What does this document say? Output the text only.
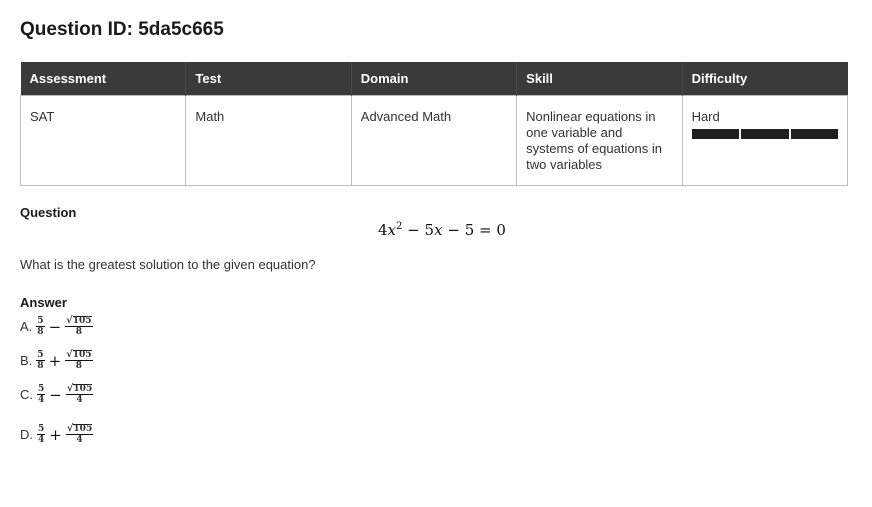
Question ID: 5da5c665
Assessment	Test	Domain	Skill	Difficulty
SAT	Math	Advanced Math	Nonlinear equations in one variable and systems of equations in two variables	Hard
Question
$4x^2 - 5x - 5 = 0$
What is the greatest solution to the given equation?
Answer
A. $\frac{5}{8} - \frac{√ 105}{8}$
B. $\frac{5}{8} + \frac{√ 105}{8}$
C. $\frac{5}{4} - \frac{√ 105}{4}$
D. $\frac{5}{4} + \frac{√ 105}{4}$
